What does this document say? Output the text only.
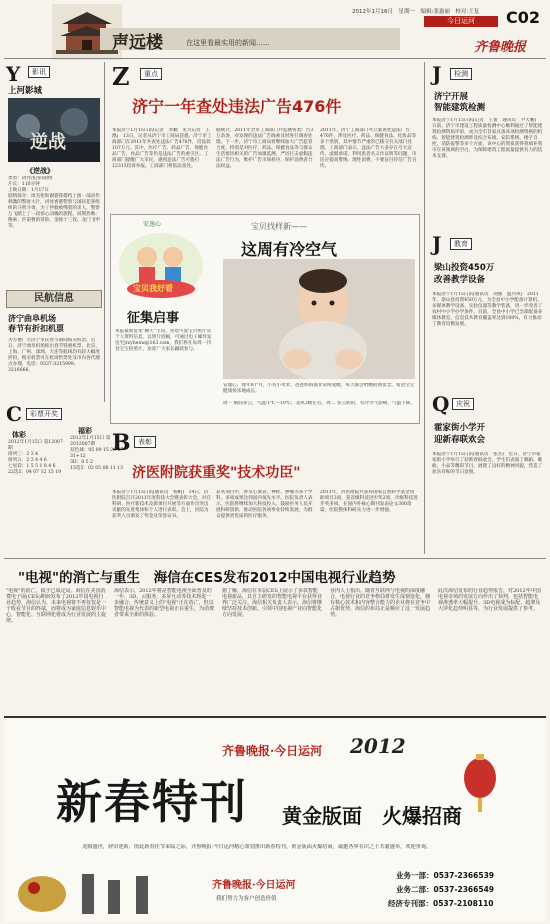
声远楼	在这里看最实用的新闻……
2012年1月16日　星期一　编辑:张惠丽　校对:王复
今日运河	C02
齐鲁晚报
Y	影讯
上河影城
逆战
《逆战》
类型：动作/犯罪/剧情
片长：110分钟
上映日期：1月17日
剧情简介：周杰伦和谢霆锋搭档上演一部动作刺激的警匪大片，讲述香港警察与国际犯罪组织的斗智斗勇，为了拯救被绑架的亲人，警察万飞踏上了一段惊心动魄的旅程。同期热映：搜索、匹诺曹的冒险、金陵十三钗、龙门飞甲等。
民航信息
济宁曲阜机场
春节有折扣机票
为方便广大济宁市民春节期间购买机票，近日，济宁曲阜机场推出春节特惠机票，北京、上海、广州、深圳、大连等航线均有较大幅度折扣，购买机票可在机场售票处及市内各代理点办理，电话：0537-3215999、3216666。
C	彩票开奖
体彩
2012年1月15日 第12007期
排列三：2 3 4
排列五：2 3 4 4 6
七星彩：1 5 5 1 8 4 6
22选5：04 07 12 15 19
福彩
2012年1月15日 第2012007期
双色球：05 09 15 20 27 31+12
3D：8 5 2
15选5：02 05 08 11 13
Z	重点
济宁一年查处违法广告476件
本报济宁1月15日讯(记者　李鹏　见习记者　王澳)　13日，记者从济宁市工商局获悉，济宁市工商部门在2011年共查处违法广告476件，罚没款107万元。其中，医疗广告、药品广告、保健食品广告、食品广告等仍是违法广告的重灾区。工商部门提醒广大市民，遇到违法广告可拨打12315投诉举报，工商部门将依法查处。
据统计，2011年全市工商部门共监测各类广告3万余条，对发现的违法广告线索及时进行调查处理。下一步，济宁市工商局将继续加大广告监管力度，特别是对医疗、药品、保健食品等与群众生活密切相关的广告加强监测，严厉打击虚假违法广告行为，维护广告市场秩序，保护消费者合法权益。
2011年，济宁工商部门共立案查处违法广告476件，涉及医疗、药品、保健食品、化妆品等多个类别，其中情节严重的已移交有关部门处理。工商部门表示，违法广告大多存在夸大宣传、虚假承诺、利用患者名义作证明等问题，市民应提高警惕，理性消费，不要盲目轻信广告宣传。
宝贝我好看
安逸心
征集启事
本报最新征集"聊天"主角，喜欢可爱宝贝照片及个人资料信息，以照片投稿，可通过电子邮件发送至jrzyhexw@163.com，我们将在每周一刊登宝宝的照片，欢迎广大家长踊跃参与。
宝贝找样新——
这周有冷空气
安逸心，现年8个月，小名小米米，爸爸妈妈都非常疼爱她，每天都会给她拍照留念，希望宝宝健康快乐地成长。
周一 晴间多云，气温-1℃～10℃，北风3级左右。周二 多云转阴，有冷空气影响，气温下降。
B	表彰
济医附院获重奖"技术功臣"
本报济宁1月15日讯(通讯员　杨帆)　14日，济医附院召开2011年度科技大会暨表彰大会，对在科研、医疗新技术及新项目开展等方面作出突出贡献的先进集体和个人进行表彰。会上，医院为获奖人员颁发了奖金及荣誉证书。
获奖项目中，涉及心血管、神经、肿瘤等多个学科，多项成果达到国内领先水平。医院负责人表示，医院将继续加大科技投入，鼓励医务人员开展科研创新，推动医院各项事业持续发展，为群众提供更优质的医疗服务。
2011年，济医附院共获得国家自然科学基金资助项目3项，获省级科技进步奖2项，市级科技进步奖多项，在国内外核心期刊发表论文300余篇，医院整体科研实力进一步增强。
J	检测
济宁开展
智能建筑检测
本报济宁1月15日讯(记者　王蕾　通讯员　尹大鹏)　日前，济宁市建设工程质量检测中心顺利通过了智能建筑检测资质评审，成为全市首家具备该项检测资格的机构。智能建筑检测涉及综合布线、安防系统、楼宇自控、消防报警等多个方面，该中心的资质获得将填补我市在该领域的空白，为保障建筑工程质量提供有力的技术支撑。
J	教育
梁山投资450万
改善教学设备
本报济宁1月15日讯(通讯员　刘强　温丹凤)　2011年，梁山县投资450万元，为全县中小学配备计算机、多媒体教学设备、实验仪器等教学装备，进一步改善了农村中小学办学条件。目前，全县中小学已全部配备多媒体教室，信息技术教育覆盖率达到100%，有力推动了教育均衡发展。
Q 庆祝
霍家街小学开
迎新春联欢会
本报济宁1月15日讯(通讯员　张杰)　近日，济宁市霍家街小学举行了迎新春联欢会，学生们表演了舞蹈、歌曲、小品等精彩节目，展现了良好的精神风貌，营造了欢乐祥和的节日氛围。
"电视"的消亡与重生　海信在CES发布2012中国电视行业趋势
"电视"的消亡，似乎已成定局。海信在美国消费电子展(CES)期间发布了2012中国电视行业趋势，海信认为，未来电视将不再仅仅是一个收看节目的终端，而将成为家庭信息娱乐中心，智能化、互联网化将成为行业发展的主旋律。
海信表示，2012年将是智能电视全面普及的一年，3D、云服务、多屏互动等技术将进一步融合。传统意义上的"电视"正在消亡，但以智能电视为代表的新型电视正在重生，为消费者带来全新的体验。
据了解，海信在本届CES上展示了多款智能电视新品，其自主研发的智能电视平台获得业界广泛关注。海信相关负责人表示，海信将继续坚持技术创新，引领中国电视产业向智能化方向发展。
业内人士指出，随着互联网与电视的深度融合，电视行业的竞争格局将发生深刻变化，拥有核心技术和内容整合能力的企业将在竞争中占据优势，海信的布局正是顺应了这一发展趋势。
此次海信发布的行业趋势报告，对2012年中国电视市场的发展方向作出了预判，包括智能电视渗透率大幅提升、3D电视成为标配、超薄及大屏化趋势明显等，为行业发展提供了参考。
齐鲁晚报·今日运河 2012
新春特刊 黄金版面　火爆招商
龙腾盛世，辞旧迎新。值此新春佳节来临之际，齐鲁晚报·今日运河精心策划推出新春特刊，黄金版面火爆招商，诚邀各界有识之士共襄盛举，欢迎垂询。
齐鲁晚报·今日运河
我们努力为客户创造价值
业务一部：0537-2366539
业务二部：0537-2366549
经济专刊部：0537-2108110
